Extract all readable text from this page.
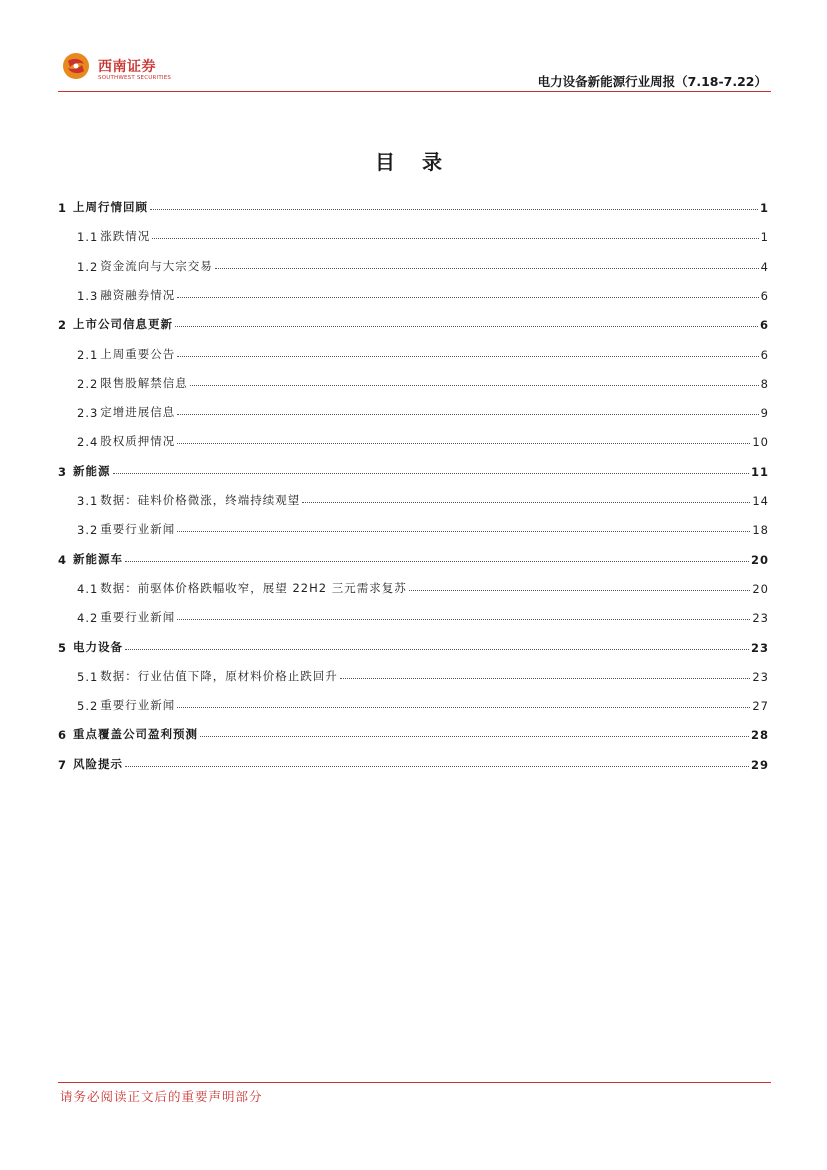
西南证券
SOUTHWEST SECURITIES	电力设备新能源行业周报（7.18-7.22）
目 录
1 上周行情回顾	1
1.1 涨跌情况	1
1.2 资金流向与大宗交易	4
1.3 融资融券情况	6
2 上市公司信息更新	6
2.1 上周重要公告	6
2.2 限售股解禁信息	8
2.3 定增进展信息	9
2.4 股权质押情况	10
3 新能源	11
3.1 数据：硅料价格微涨，终端持续观望	14
3.2 重要行业新闻	18
4 新能源车	20
4.1 数据：前驱体价格跌幅收窄，展望 22H2 三元需求复苏	20
4.2 重要行业新闻	23
5 电力设备	23
5.1 数据：行业估值下降，原材料价格止跌回升	23
5.2 重要行业新闻	27
6 重点覆盖公司盈利预测	28
7 风险提示	29
请务必阅读正文后的重要声明部分
